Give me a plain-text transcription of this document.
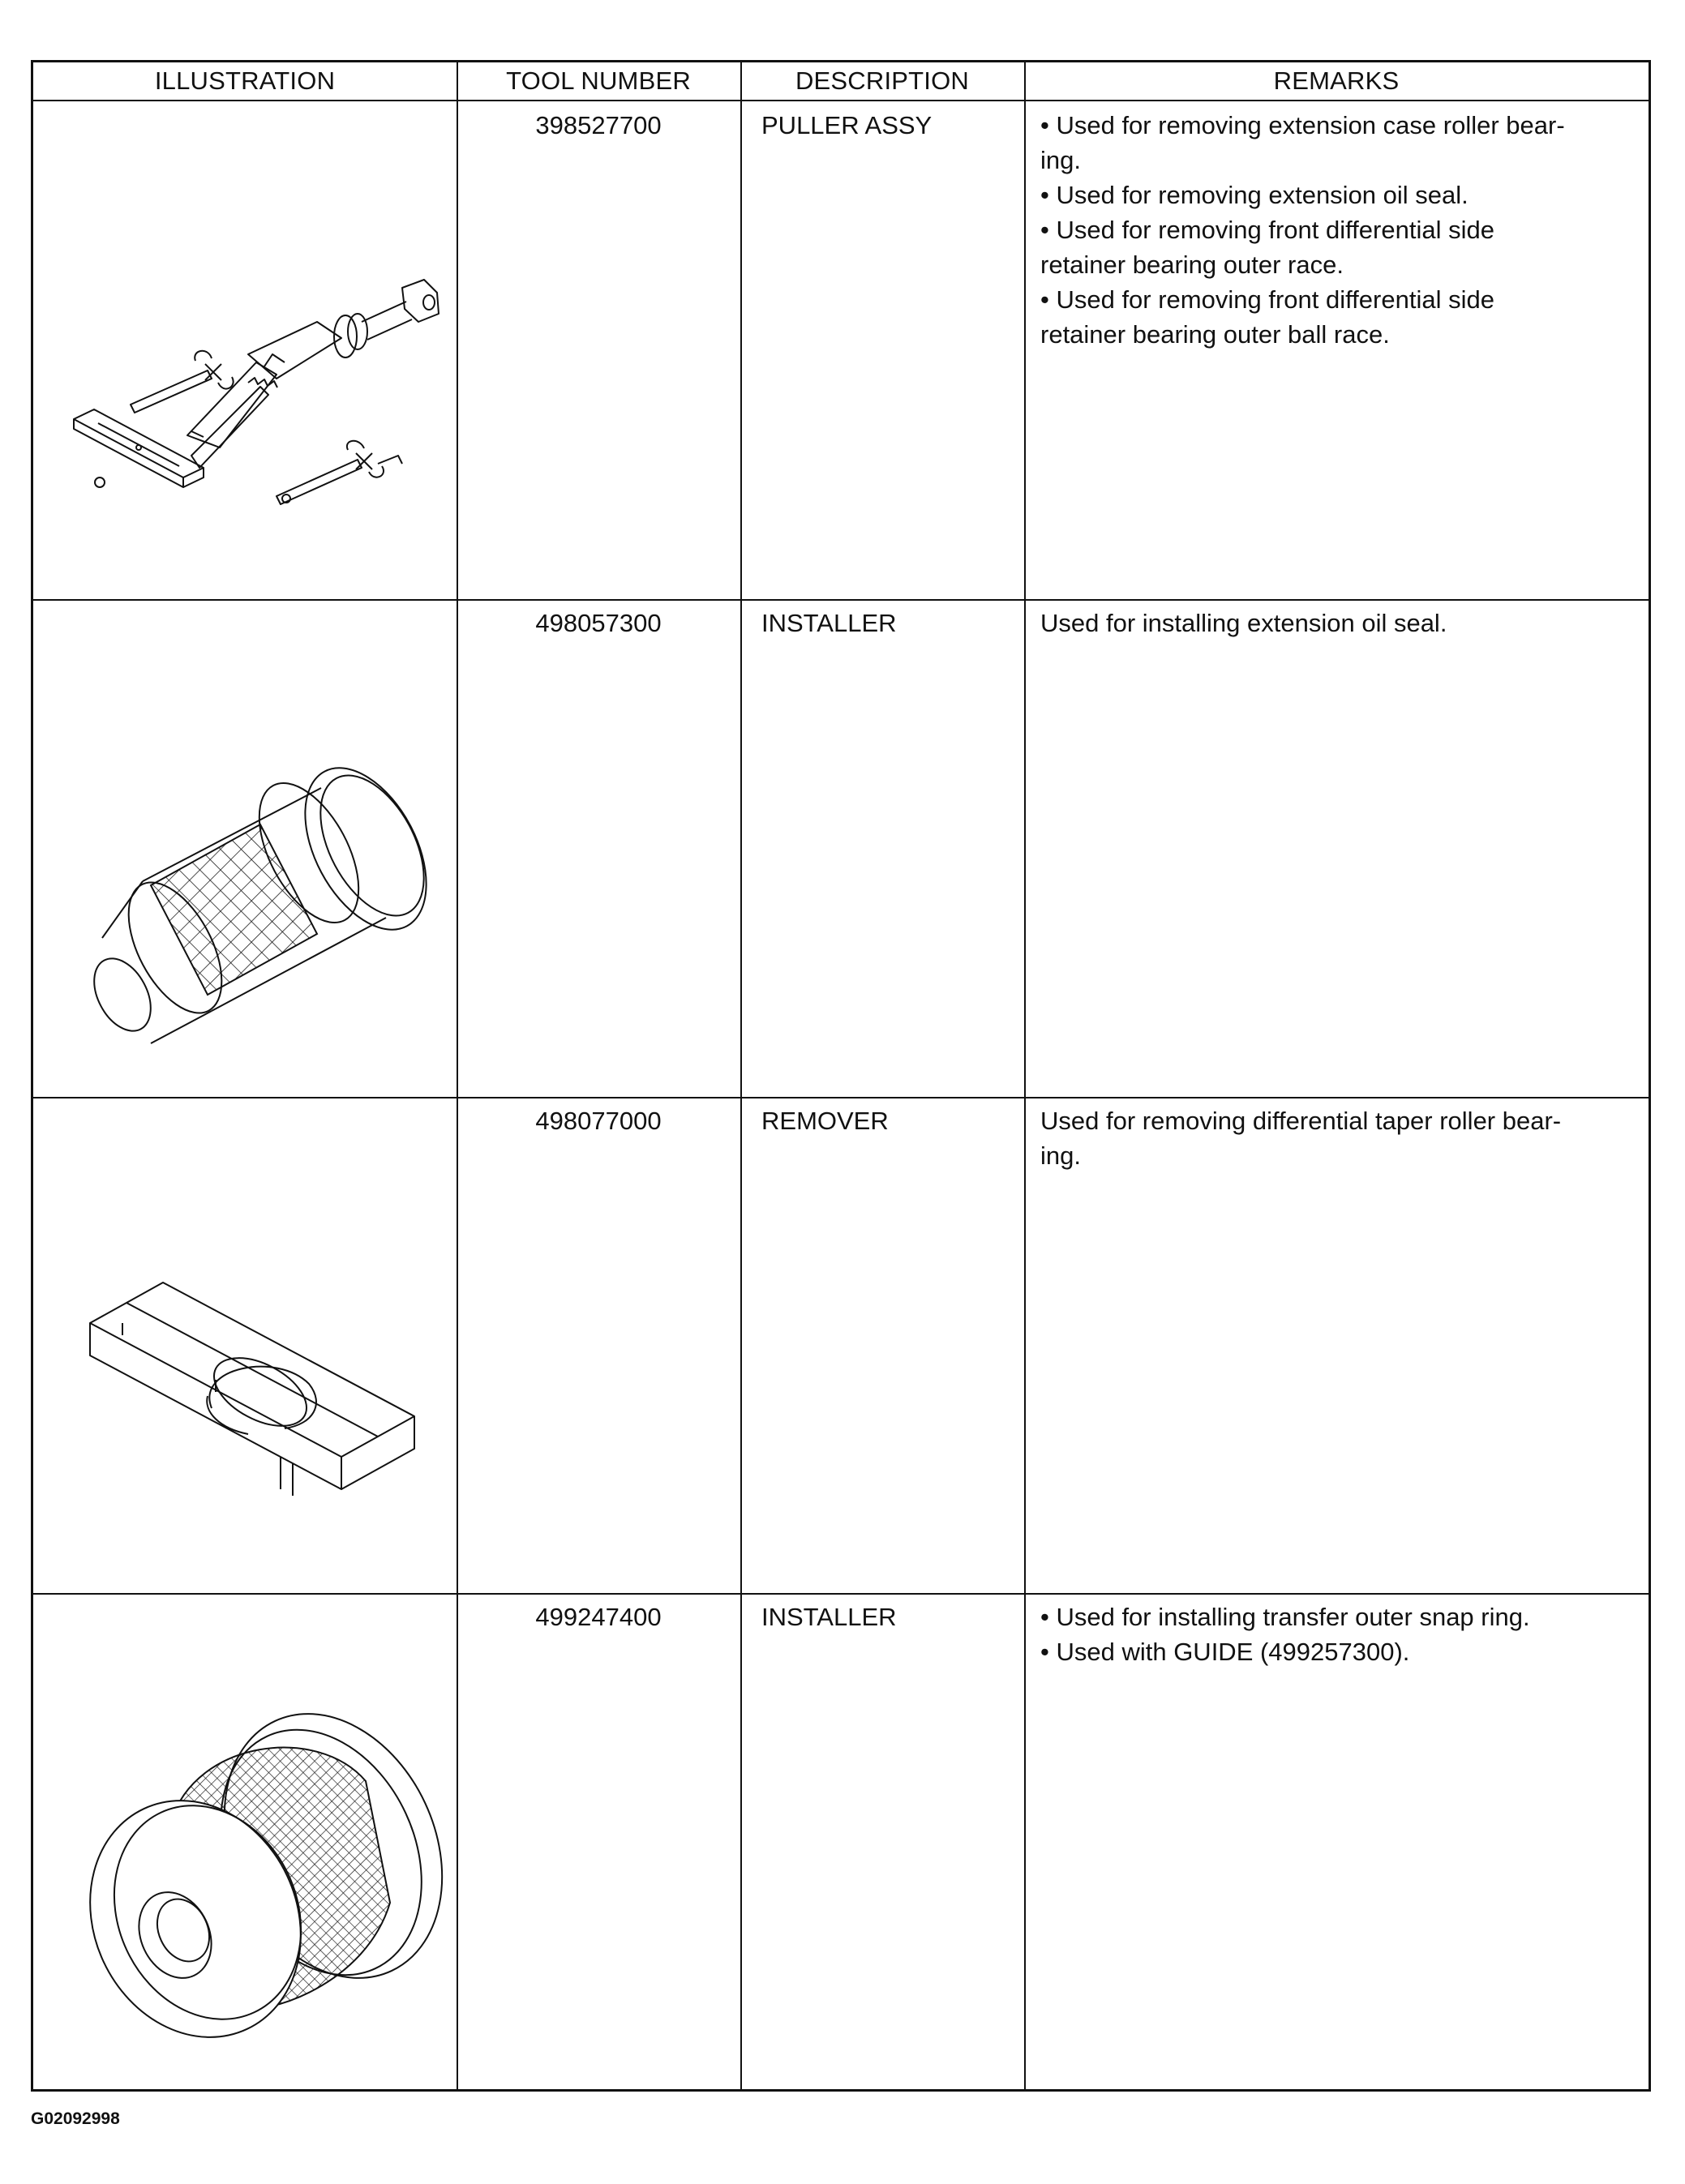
ILLUSTRATION	TOOL NUMBER	DESCRIPTION	REMARKS
398527700	PULLER ASSY	• Used for removing extension case roller bear-
ing.
• Used for removing extension oil seal.
• Used for removing front differential side
retainer bearing outer race.
• Used for removing front differential side
retainer bearing outer ball race.
498057300	INSTALLER	Used for installing extension oil seal.
498077000	REMOVER	Used for removing differential taper roller bear-
ing.
499247400	INSTALLER	• Used for installing transfer outer snap ring.
• Used with GUIDE (499257300).
G02092998
